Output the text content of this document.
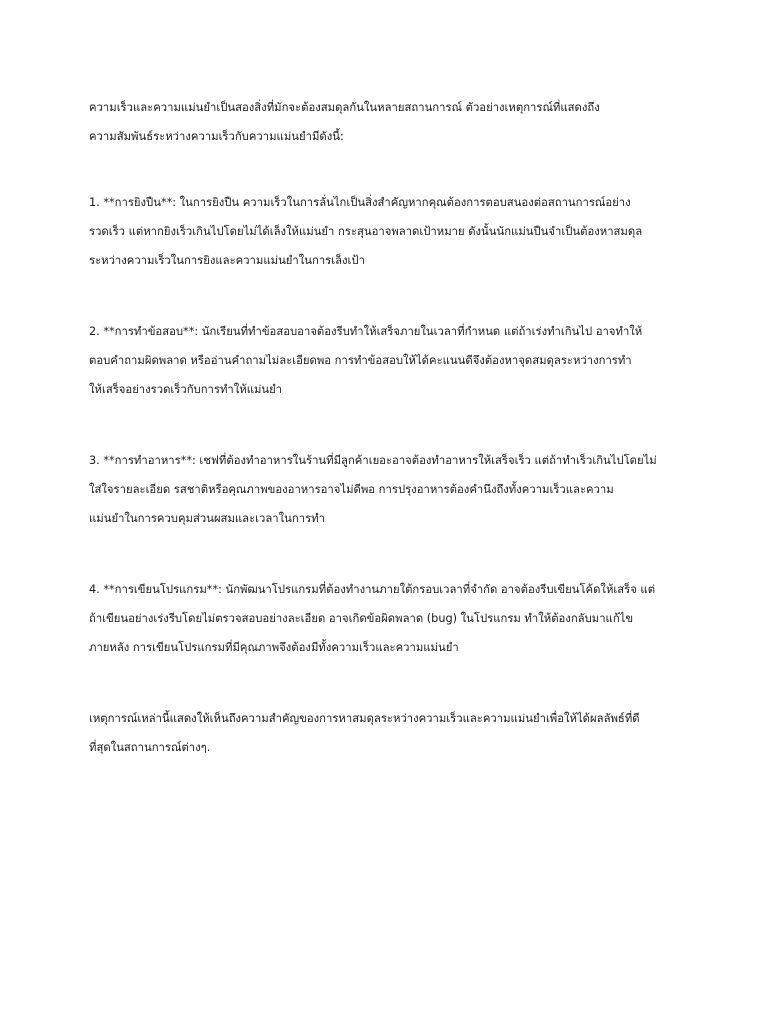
ความเร็วและความแม่นยำเป็นสองสิ่งที่มักจะต้องสมดุลกันในหลายสถานการณ์ ตัวอย่างเหตุการณ์ที่แสดงถึง
ความสัมพันธ์ระหว่างความเร็วกับความแม่นยำมีดังนี้:

1. **การยิงปืน**: ในการยิงปืน ความเร็วในการลั่นไกเป็นสิ่งสำคัญหากคุณต้องการตอบสนองต่อสถานการณ์อย่าง
รวดเร็ว แต่หากยิงเร็วเกินไปโดยไม่ได้เล็งให้แม่นยำ กระสุนอาจพลาดเป้าหมาย ดังนั้นนักแม่นปืนจำเป็นต้องหาสมดุล
ระหว่างความเร็วในการยิงและความแม่นยำในการเล็งเป้า

2. **การทำข้อสอบ**: นักเรียนที่ทำข้อสอบอาจต้องรีบทำให้เสร็จภายในเวลาที่กำหนด แต่ถ้าเร่งทำเกินไป อาจทำให้
ตอบคำถามผิดพลาด หรืออ่านคำถามไม่ละเอียดพอ การทำข้อสอบให้ได้คะแนนดีจึงต้องหาจุดสมดุลระหว่างการทำ
ให้เสร็จอย่างรวดเร็วกับการทำให้แม่นยำ

3. **การทำอาหาร**: เชฟที่ต้องทำอาหารในร้านที่มีลูกค้าเยอะอาจต้องทำอาหารให้เสร็จเร็ว แต่ถ้าทำเร็วเกินไปโดยไม่
ใส่ใจรายละเอียด รสชาติหรือคุณภาพของอาหารอาจไม่ดีพอ การปรุงอาหารต้องคำนึงถึงทั้งความเร็วและความ
แม่นยำในการควบคุมส่วนผสมและเวลาในการทำ

4. **การเขียนโปรแกรม**: นักพัฒนาโปรแกรมที่ต้องทำงานภายใต้กรอบเวลาที่จำกัด อาจต้องรีบเขียนโค้ดให้เสร็จ แต่
ถ้าเขียนอย่างเร่งรีบโดยไม่ตรวจสอบอย่างละเอียด อาจเกิดข้อผิดพลาด (bug) ในโปรแกรม ทำให้ต้องกลับมาแก้ไข
ภายหลัง การเขียนโปรแกรมที่มีคุณภาพจึงต้องมีทั้งความเร็วและความแม่นยำ

เหตุการณ์เหล่านี้แสดงให้เห็นถึงความสำคัญของการหาสมดุลระหว่างความเร็วและความแม่นยำเพื่อให้ได้ผลลัพธ์ที่ดี
ที่สุดในสถานการณ์ต่างๆ.
